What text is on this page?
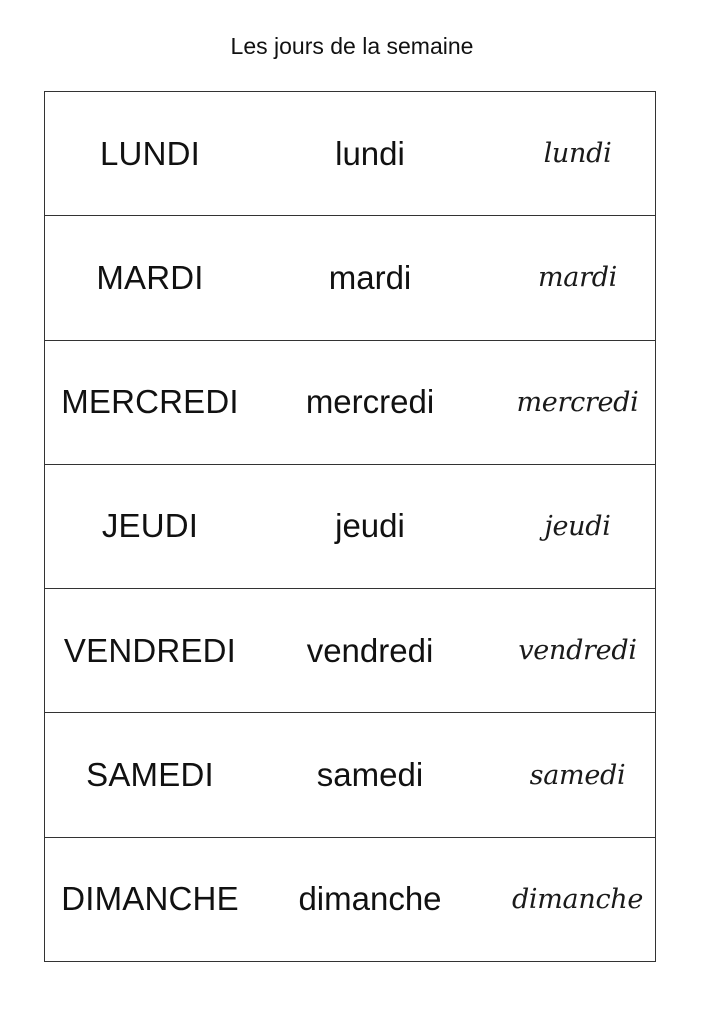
Les jours de la semaine
LUNDI	lundi	lundi
MARDI	mardi	mardi
MERCREDI	mercredi	mercredi
JEUDI	jeudi	jeudi
VENDREDI	vendredi	vendredi
SAMEDI	samedi	samedi
DIMANCHE	dimanche	dimanche
